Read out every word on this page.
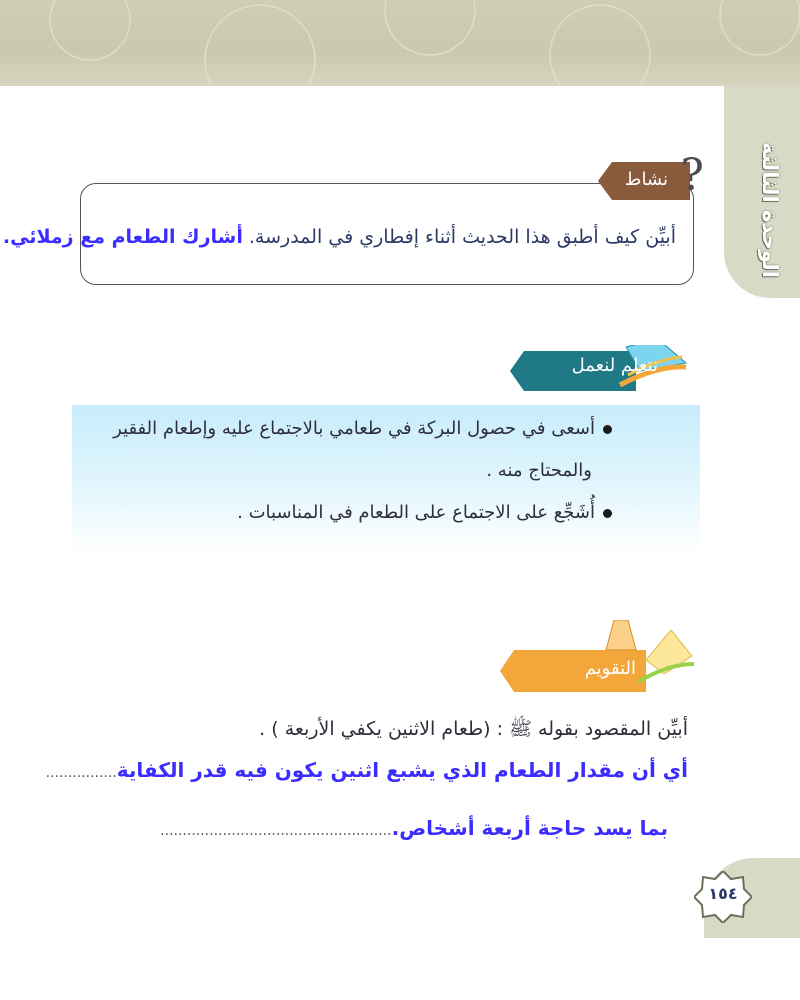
الوحدة الثالثة
نشاط ?
أبيِّن كيف أطبق هذا الحديث أثناء إفطاري في المدرسة. أشارك الطعام مع زملائي.
نتعلم لنعمل
أسعى في حصول البركة في طعامي بالاجتماع عليه وإطعام الفقير
والمحتاج منه .
أُشَجِّع على الاجتماع على الطعام في المناسبات .
التقويم
أبيِّن المقصود بقوله ﷺ : (طعام الاثنين يكفي الأربعة ) .
أي أن مقدار الطعام الذي يشبع اثنين يكون فيه قدر الكفاية................
بما يسد حاجة أربعة أشخاص.....................................................
١٥٤
